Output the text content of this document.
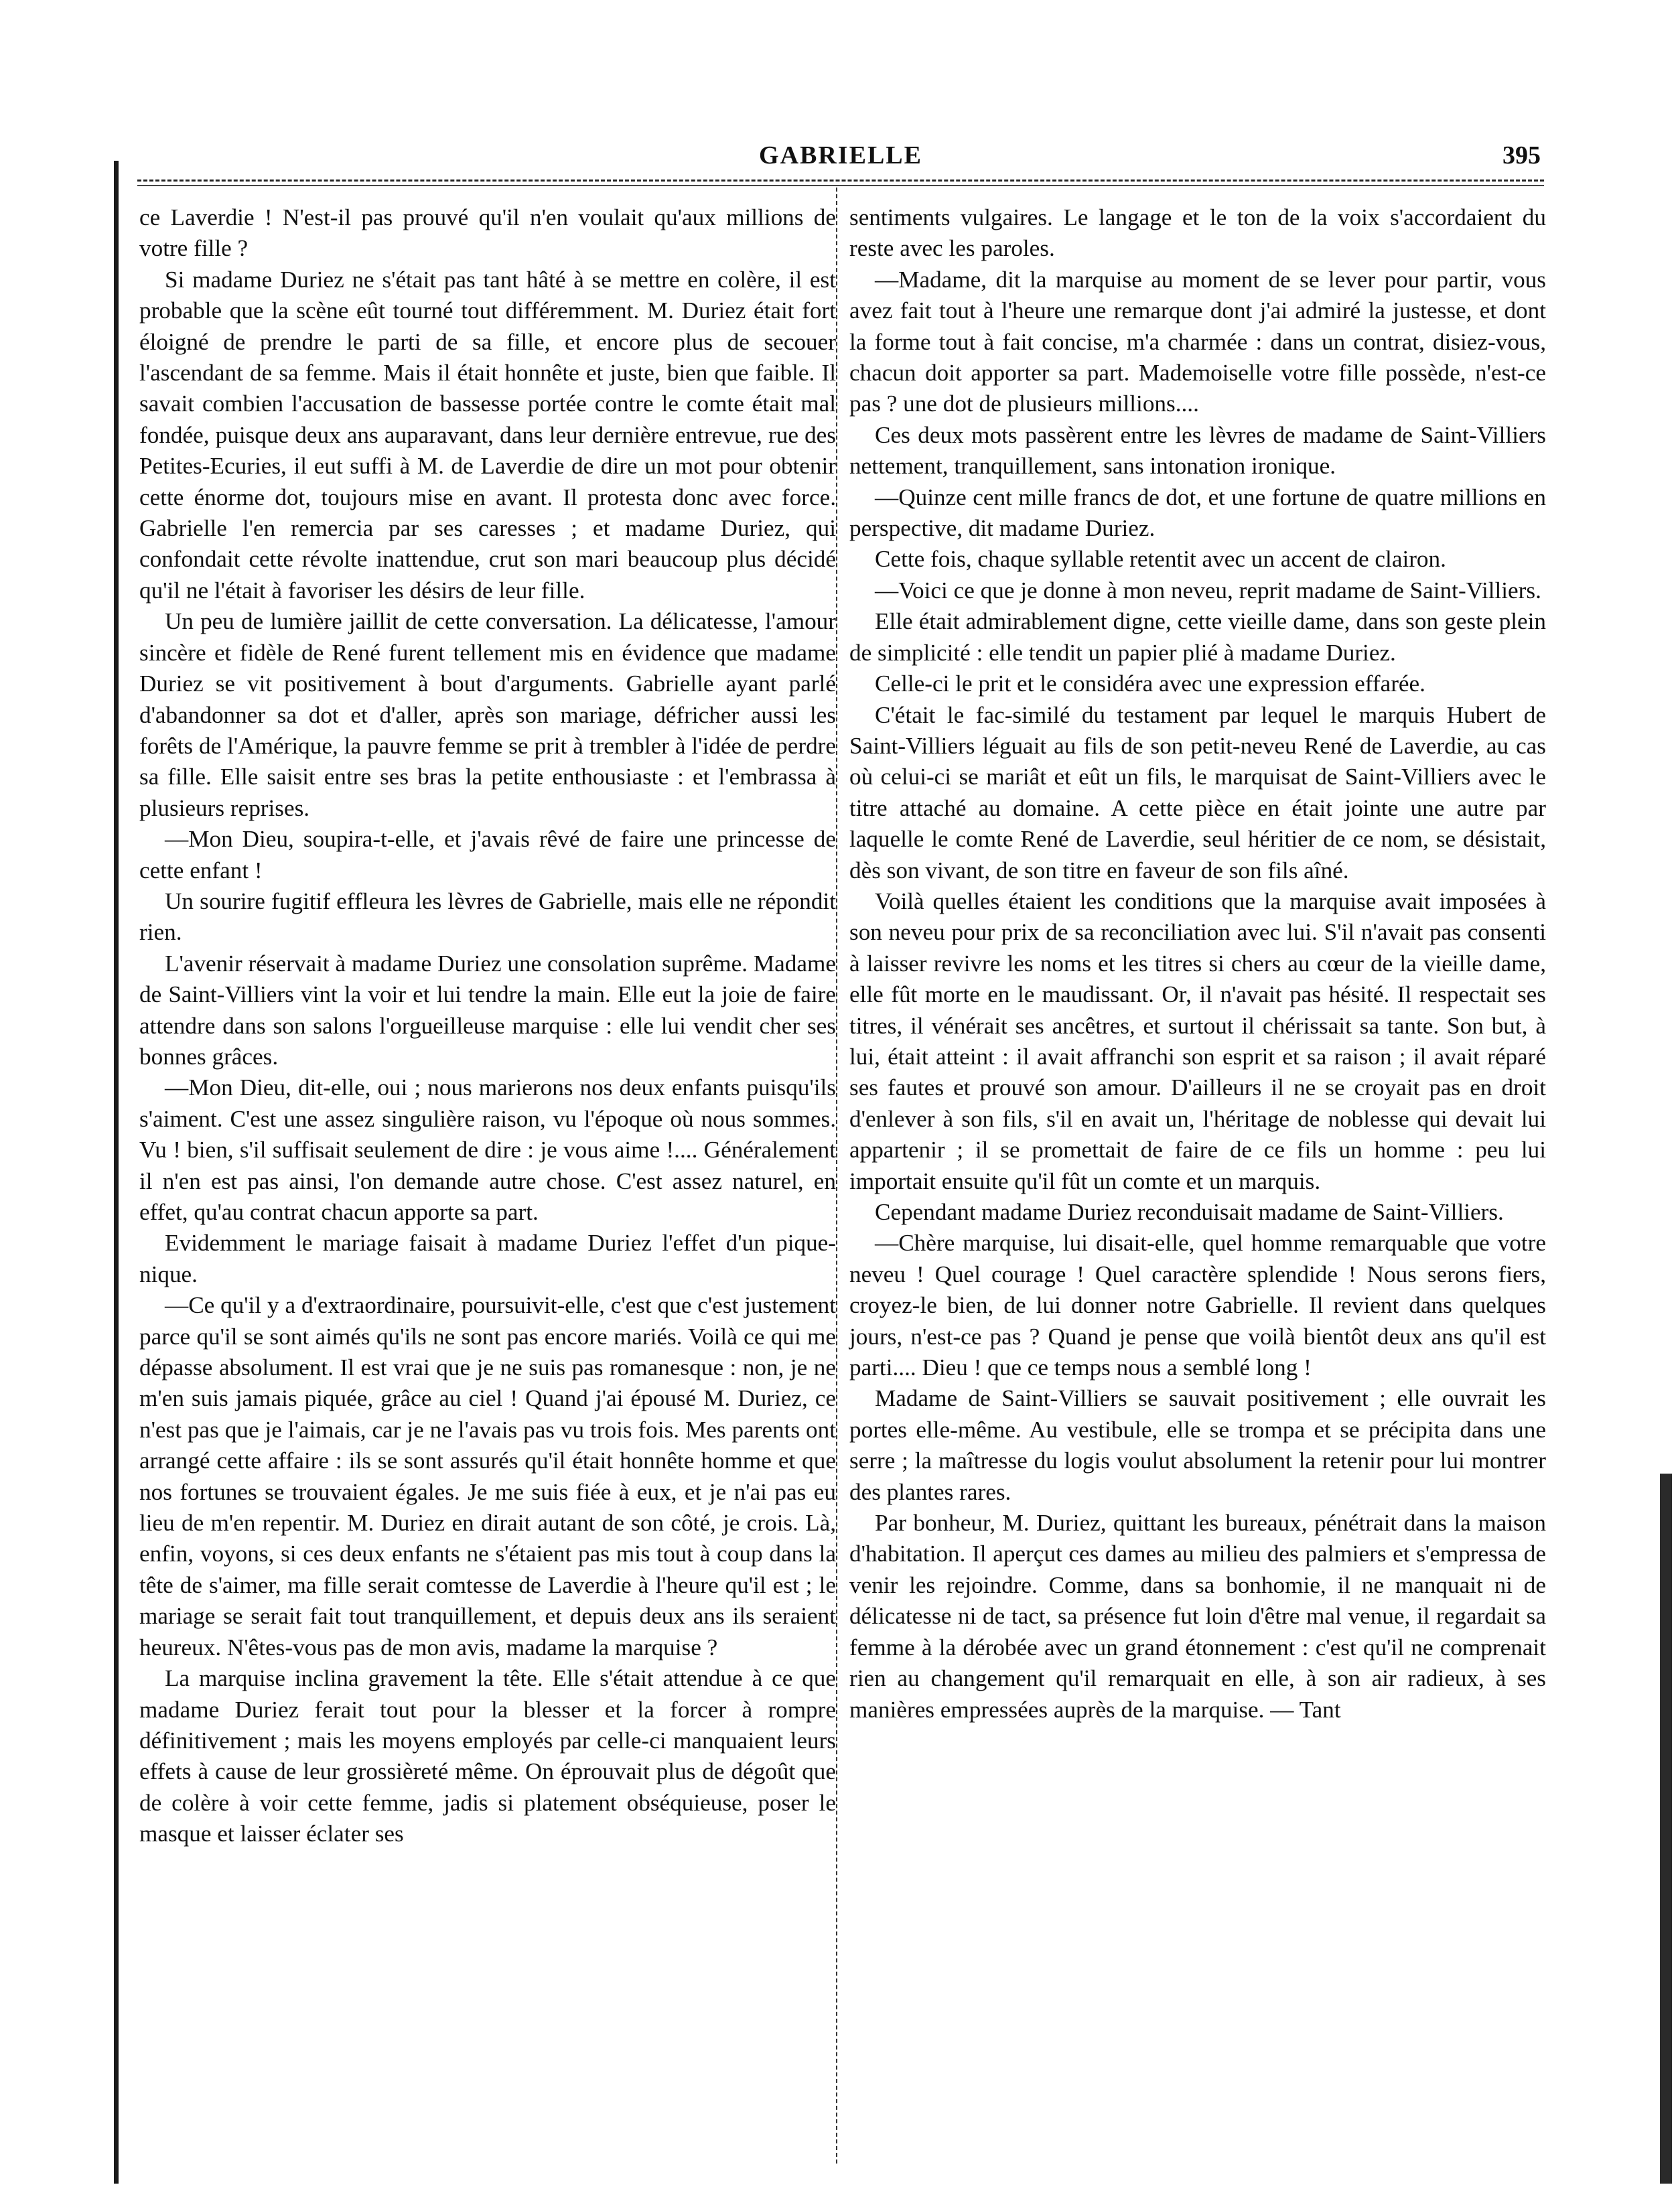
GABRIELLE	395

ce Laverdie ! N'est-il pas prouvé qu'il n'en voulait qu'aux millions de votre fille ?

Si madame Duriez ne s'était pas tant hâté à se mettre en colère, il est probable que la scène eût tourné tout différemment. M. Duriez était fort éloigné de prendre le parti de sa fille, et encore plus de secouer l'ascendant de sa femme. Mais il était honnête et juste, bien que faible. Il savait combien l'accusation de bassesse portée contre le comte était mal fondée, puisque deux ans auparavant, dans leur dernière entrevue, rue des Petites-Ecuries, il eut suffi à M. de Laverdie de dire un mot pour obtenir cette énorme dot, toujours mise en avant. Il protesta donc avec force. Gabrielle l'en remercia par ses caresses ; et madame Duriez, qui confondait cette révolte inattendue, crut son mari beaucoup plus décidé qu'il ne l'était à favoriser les désirs de leur fille.

Un peu de lumière jaillit de cette conversation. La délicatesse, l'amour sincère et fidèle de René furent tellement mis en évidence que madame Duriez se vit positivement à bout d'arguments. Gabrielle ayant parlé d'abandonner sa dot et d'aller, après son mariage, défricher aussi les forêts de l'Amérique, la pauvre femme se prit à trembler à l'idée de perdre sa fille. Elle saisit entre ses bras la petite enthousiaste : et l'embrassa à plusieurs reprises.

—Mon Dieu, soupira-t-elle, et j'avais rêvé de faire une princesse de cette enfant !

Un sourire fugitif effleura les lèvres de Gabrielle, mais elle ne répondit rien.

L'avenir réservait à madame Duriez une consolation suprême. Madame de Saint-Villiers vint la voir et lui tendre la main. Elle eut la joie de faire attendre dans son salons l'orgueilleuse marquise : elle lui vendit cher ses bonnes grâces.

—Mon Dieu, dit-elle, oui ; nous marierons nos deux enfants puisqu'ils s'aiment. C'est une assez singulière raison, vu l'époque où nous sommes. Vu ! bien, s'il suffisait seulement de dire : je vous aime !.... Généralement il n'en est pas ainsi, l'on demande autre chose. C'est assez naturel, en effet, qu'au contrat chacun apporte sa part.

Evidemment le mariage faisait à madame Duriez l'effet d'un pique-nique.

—Ce qu'il y a d'extraordinaire, poursuivit-elle, c'est que c'est justement parce qu'il se sont aimés qu'ils ne sont pas encore mariés. Voilà ce qui me dépasse absolument. Il est vrai que je ne suis pas romanesque : non, je ne m'en suis jamais piquée, grâce au ciel ! Quand j'ai épousé M. Duriez, ce n'est pas que je l'aimais, car je ne l'avais pas vu trois fois. Mes parents ont arrangé cette affaire : ils se sont assurés qu'il était honnête homme et que nos fortunes se trouvaient égales. Je me suis fiée à eux, et je n'ai pas eu lieu de m'en repentir. M. Duriez en dirait autant de son côté, je crois. Là, enfin, voyons, si ces deux enfants ne s'étaient pas mis tout à coup dans la tête de s'aimer, ma fille serait comtesse de Laverdie à l'heure qu'il est ; le mariage se serait fait tout tranquillement, et depuis deux ans ils seraient heureux. N'êtes-vous pas de mon avis, madame la marquise ?

La marquise inclina gravement la tête. Elle s'était attendue à ce que madame Duriez ferait tout pour la blesser et la forcer à rompre définitivement ; mais les moyens employés par celle-ci manquaient leurs effets à cause de leur grossièreté même. On éprouvait plus de dégoût que de colère à voir cette femme, jadis si platement obséquieuse, poser le masque et laisser éclater ses

sentiments vulgaires. Le langage et le ton de la voix s'accordaient du reste avec les paroles.

—Madame, dit la marquise au moment de se lever pour partir, vous avez fait tout à l'heure une remarque dont j'ai admiré la justesse, et dont la forme tout à fait concise, m'a charmée : dans un contrat, disiez-vous, chacun doit apporter sa part. Mademoiselle votre fille possède, n'est-ce pas ? une dot de plusieurs millions....

Ces deux mots passèrent entre les lèvres de madame de Saint-Villiers nettement, tranquillement, sans intonation ironique.

—Quinze cent mille francs de dot, et une fortune de quatre millions en perspective, dit madame Duriez.

Cette fois, chaque syllable retentit avec un accent de clairon.

—Voici ce que je donne à mon neveu, reprit madame de Saint-Villiers.

Elle était admirablement digne, cette vieille dame, dans son geste plein de simplicité : elle tendit un papier plié à madame Duriez.

Celle-ci le prit et le considéra avec une expression effarée.

C'était le fac-similé du testament par lequel le marquis Hubert de Saint-Villiers léguait au fils de son petit-neveu René de Laverdie, au cas où celui-ci se mariât et eût un fils, le marquisat de Saint-Villiers avec le titre attaché au domaine. A cette pièce en était jointe une autre par laquelle le comte René de Laverdie, seul héritier de ce nom, se désistait, dès son vivant, de son titre en faveur de son fils aîné.

Voilà quelles étaient les conditions que la marquise avait imposées à son neveu pour prix de sa reconciliation avec lui. S'il n'avait pas consenti à laisser revivre les noms et les titres si chers au cœur de la vieille dame, elle fût morte en le maudissant. Or, il n'avait pas hésité. Il respectait ses titres, il vénérait ses ancêtres, et surtout il chérissait sa tante. Son but, à lui, était atteint : il avait affranchi son esprit et sa raison ; il avait réparé ses fautes et prouvé son amour. D'ailleurs il ne se croyait pas en droit d'enlever à son fils, s'il en avait un, l'héritage de noblesse qui devait lui appartenir ; il se promettait de faire de ce fils un homme : peu lui importait ensuite qu'il fût un comte et un marquis.

Cependant madame Duriez reconduisait madame de Saint-Villiers.

—Chère marquise, lui disait-elle, quel homme remarquable que votre neveu ! Quel courage ! Quel caractère splendide ! Nous serons fiers, croyez-le bien, de lui donner notre Gabrielle. Il revient dans quelques jours, n'est-ce pas ? Quand je pense que voilà bientôt deux ans qu'il est parti.... Dieu ! que ce temps nous a semblé long !

Madame de Saint-Villiers se sauvait positivement ; elle ouvrait les portes elle-même. Au vestibule, elle se trompa et se précipita dans une serre ; la maîtresse du logis voulut absolument la retenir pour lui montrer des plantes rares.

Par bonheur, M. Duriez, quittant les bureaux, pénétrait dans la maison d'habitation. Il aperçut ces dames au milieu des palmiers et s'empressa de venir les rejoindre. Comme, dans sa bonhomie, il ne manquait ni de délicatesse ni de tact, sa présence fut loin d'être mal venue, il regardait sa femme à la dérobée avec un grand étonnement : c'est qu'il ne comprenait rien au changement qu'il remarquait en elle, à son air radieux, à ses manières empressées auprès de la marquise. — Tant
